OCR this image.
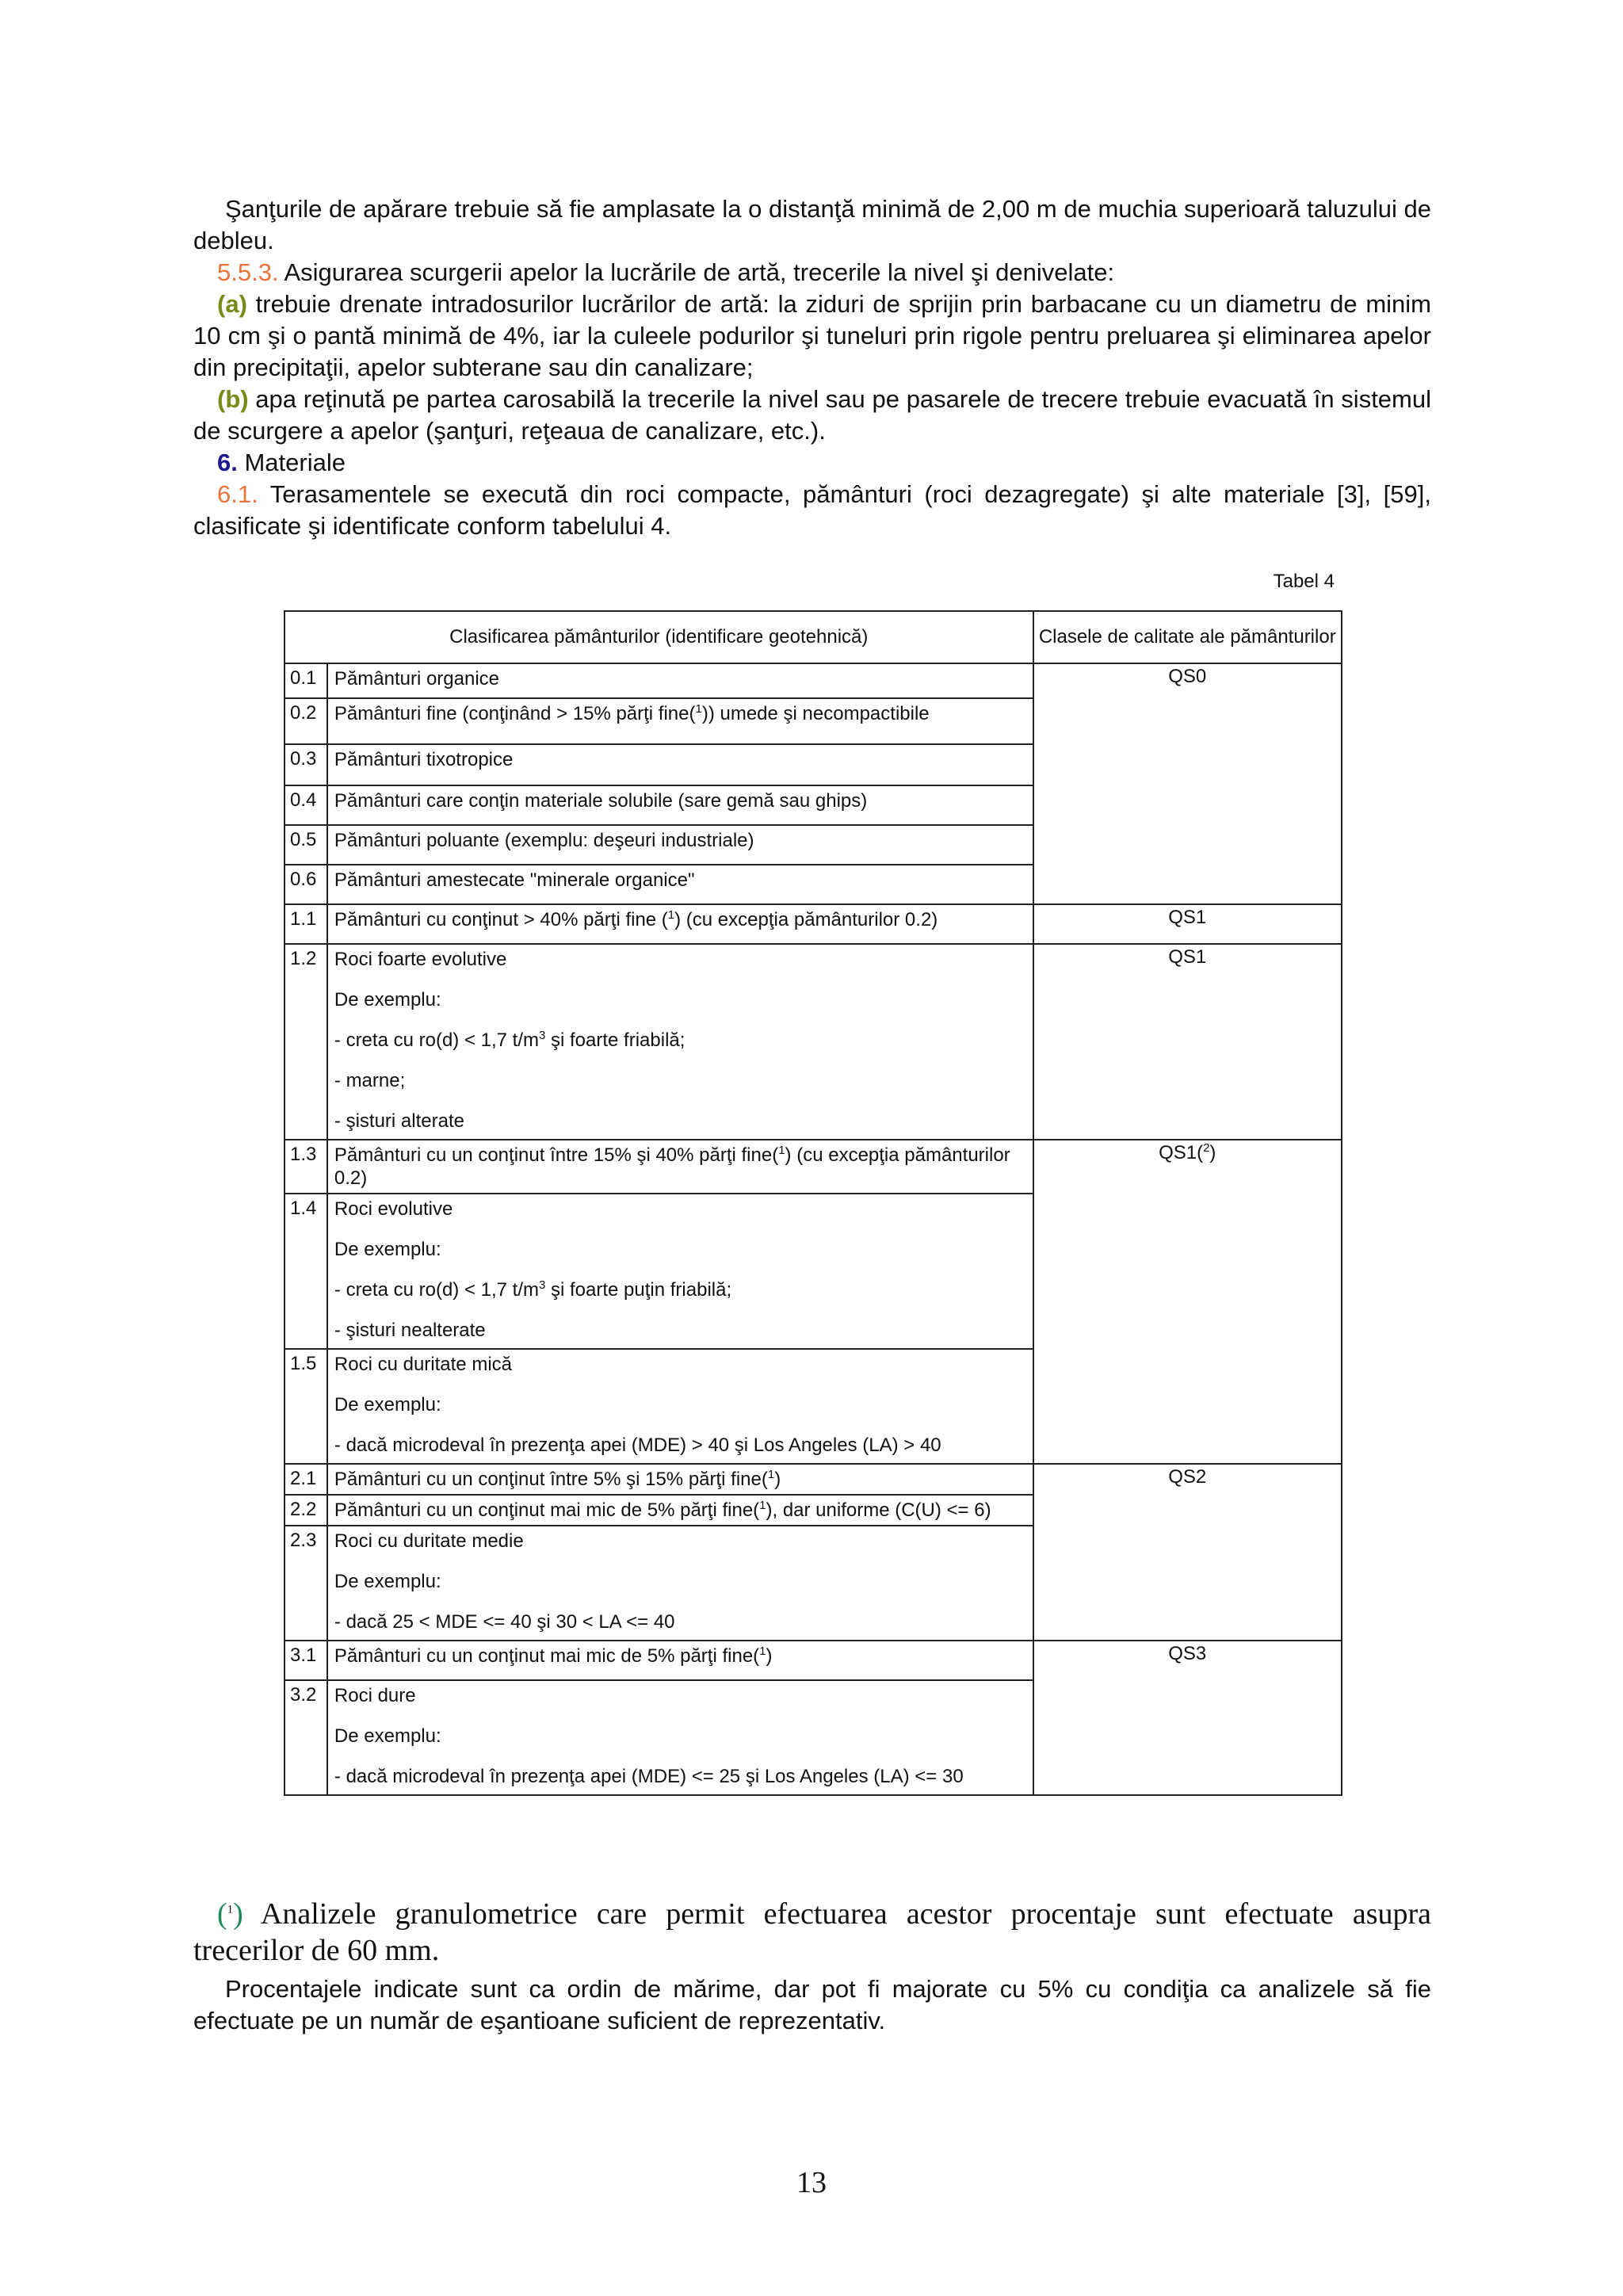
Şanţurile de apărare trebuie să fie amplasate la o distanţă minimă de 2,00 m de muchia superioară taluzului de debleu.

5.5.3. Asigurarea scurgerii apelor la lucrările de artă, trecerile la nivel şi denivelate:

(a) trebuie drenate intradosurilor lucrărilor de artă: la ziduri de sprijin prin barbacane cu un diametru de minim 10 cm şi o pantă minimă de 4%, iar la culeele podurilor şi tuneluri prin rigole pentru preluarea şi eliminarea apelor din precipitaţii, apelor subterane sau din canalizare;

(b) apa reţinută pe partea carosabilă la trecerile la nivel sau pe pasarele de trecere trebuie evacuată în sistemul de scurgere a apelor (şanţuri, reţeaua de canalizare, etc.).

6. Materiale

6.1. Terasamentele se execută din roci compacte, pământuri (roci dezagregate) şi alte materiale [3], [59], clasificate şi identificate conform tabelului 4.

Tabel 4
Clasificarea pământurilor (identificare geotehnică)		Clasele de calitate ale pământurilor
0.1	Pământuri organice	QS0
0.2	Pământuri fine (conţinând > 15% părţi fine($^1$)) umede şi necompactibile	
0.3	Pământuri tixotropice	
0.4	Pământuri care conţin materiale solubile (sare gemă sau ghips)	
0.5	Pământuri poluante (exemplu: deşeuri industriale)	
0.6	Pământuri amestecate "minerale organice"	
1.1	Pământuri cu conţinut > 40% părţi fine ($^1$) (cu excepţia pământurilor 0.2)	QS1
1.2	Roci foarte evolutive
De exemplu:
- creta cu ro(d) < 1,7 $t/m^3$ şi foarte friabilă;
- marne;
- şisturi alterate	QS1
1.3	Pământuri cu un conţinut între 15% şi 40% părţi fine($^1$) (cu excepţia pământurilor 0.2)	QS1($^2$)
1.4	Roci evolutive
De exemplu:
- creta cu ro(d) < 1,7 $t/m^3$ şi foarte puţin friabilă;
- şisturi nealterate	

1.5	Roci cu duritate mică
De exemplu:
- dacă microdeval în prezenţa apei (MDE) > 40 şi Los Angeles (LA) > 40	

2.1	Pământuri cu un conţinut între 5% şi 15% părţi fine($^1$)	QS2
2.2	Pământuri cu un conţinut mai mic de 5% părţi fine($^1$), dar uniforme (C(U) <= 6)	
2.3	Roci cu duritate medie
De exemplu:
- dacă 25 < MDE <= 40 şi 30 < LA <= 40	

3.1	Pământuri cu un conţinut mai mic de 5% părţi fine($^1$)	QS3
3.2	Roci dure
De exemplu:
- dacă microdeval în prezenţa apei (MDE) <= 25 şi Los Angeles (LA) <= 30	

($^1$) Analizele granulometrice care permit efectuarea acestor procentaje sunt efectuate asupra trecerilor de 60 mm.

Procentajele indicate sunt ca ordin de mărime, dar pot fi majorate cu 5% cu condiţia ca analizele să fie efectuate pe un număr de eşantioane suficient de reprezentativ.

13
